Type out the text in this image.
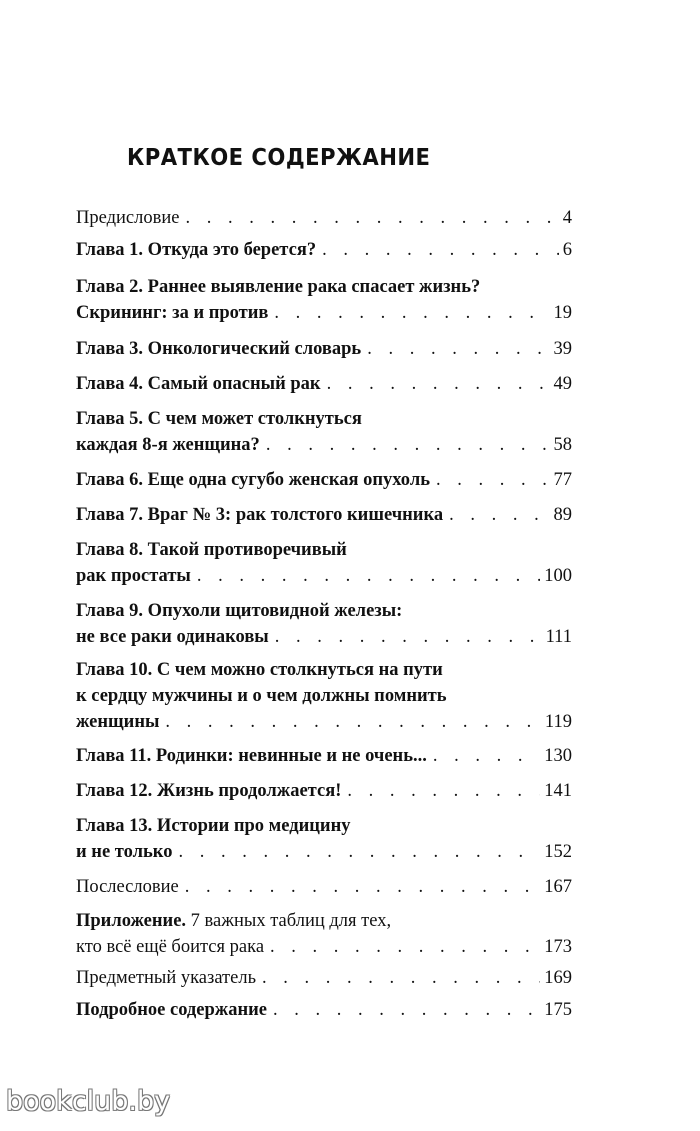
КРАТКОЕ СОДЕРЖАНИЕ
Предисловие . . .	4
Глава 1. Откуда это берется? . . .	6
Глава 2. Раннее выявление рака спасает жизнь?
Скрининг: за и против . . .	19
Глава 3. Онкологический словарь . . .	39
Глава 4. Самый опасный рак . . .	49
Глава 5. С чем может столкнуться
каждая 8-я женщина? . . .	58
Глава 6. Еще одна сугубо женская опухоль . . .	77
Глава 7. Враг № 3: рак толстого кишечника . . .	89
Глава 8. Такой противоречивый
рак простаты . . .	100
Глава 9. Опухоли щитовидной железы:
не все раки одинаковы . . .	111
Глава 10. С чем можно столкнуться на пути
к сердцу мужчины и о чем должны помнить
женщины . . .	119
Глава 11. Родинки: невинные и не очень... . . .	130
Глава 12. Жизнь продолжается! . . .	141
Глава 13. Истории про медицину
и не только . . .	152
Послесловие . . .	167
Приложение. 7 важных таблиц для тех,
кто всё ещё боится рака . . .	173
Предметный указатель . . .	169
Подробное содержание . . .	175
bookclub.by
